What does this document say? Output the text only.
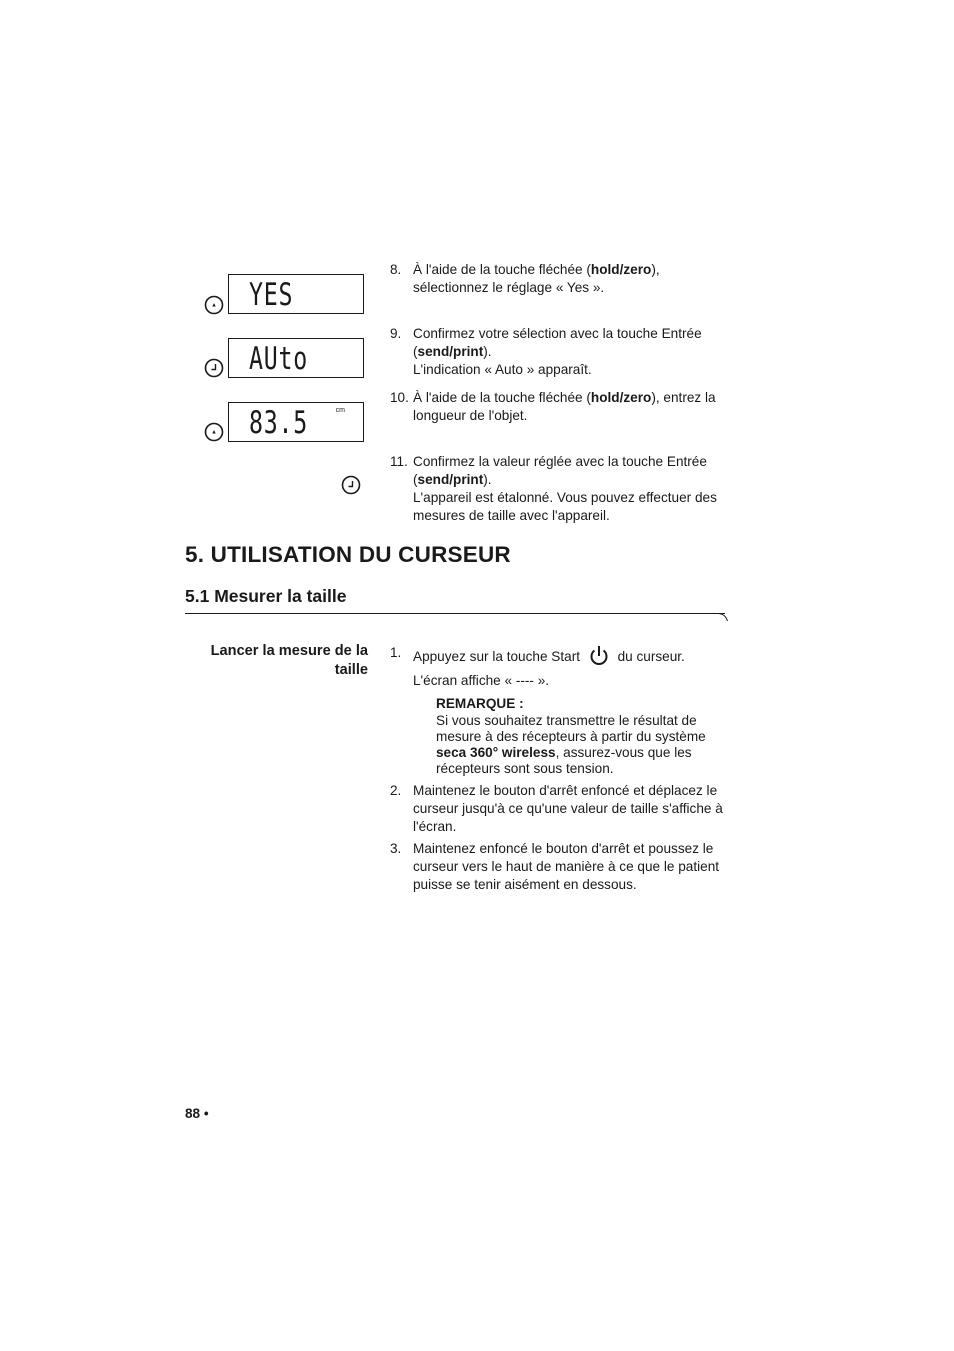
YES
AUto
83.5	cm
8. À l'aide de la touche fléchée (hold/zero),

sélectionnez le réglage « Yes ».

9. Confirmez votre sélection avec la touche Entrée

(send/print).

L'indication « Auto » apparaît.

10. À l'aide de la touche fléchée (hold/zero), entrez la

longueur de l'objet.

11. Confirmez la valeur réglée avec la touche Entrée

(send/print).

L'appareil est étalonné. Vous pouvez effectuer des

mesures de taille avec l'appareil.

5. UTILISATION DU CURSEUR
5.1 Mesurer la taille
Lancer la mesure de la
taille
1. Appuyez sur la touche Start	du curseur.

L'écran affiche « ---- ».

REMARQUE :

Si vous souhaitez transmettre le résultat de

mesure à des récepteurs à partir du système

seca 360° wireless, assurez-vous que les

récepteurs sont sous tension.

2. Maintenez le bouton d'arrêt enfoncé et déplacez le

curseur jusqu'à ce qu'une valeur de taille s'affiche à

l'écran.

3. Maintenez enfoncé le bouton d'arrêt et poussez le

curseur vers le haut de manière à ce que le patient

puisse se tenir aisément en dessous.

88 •
